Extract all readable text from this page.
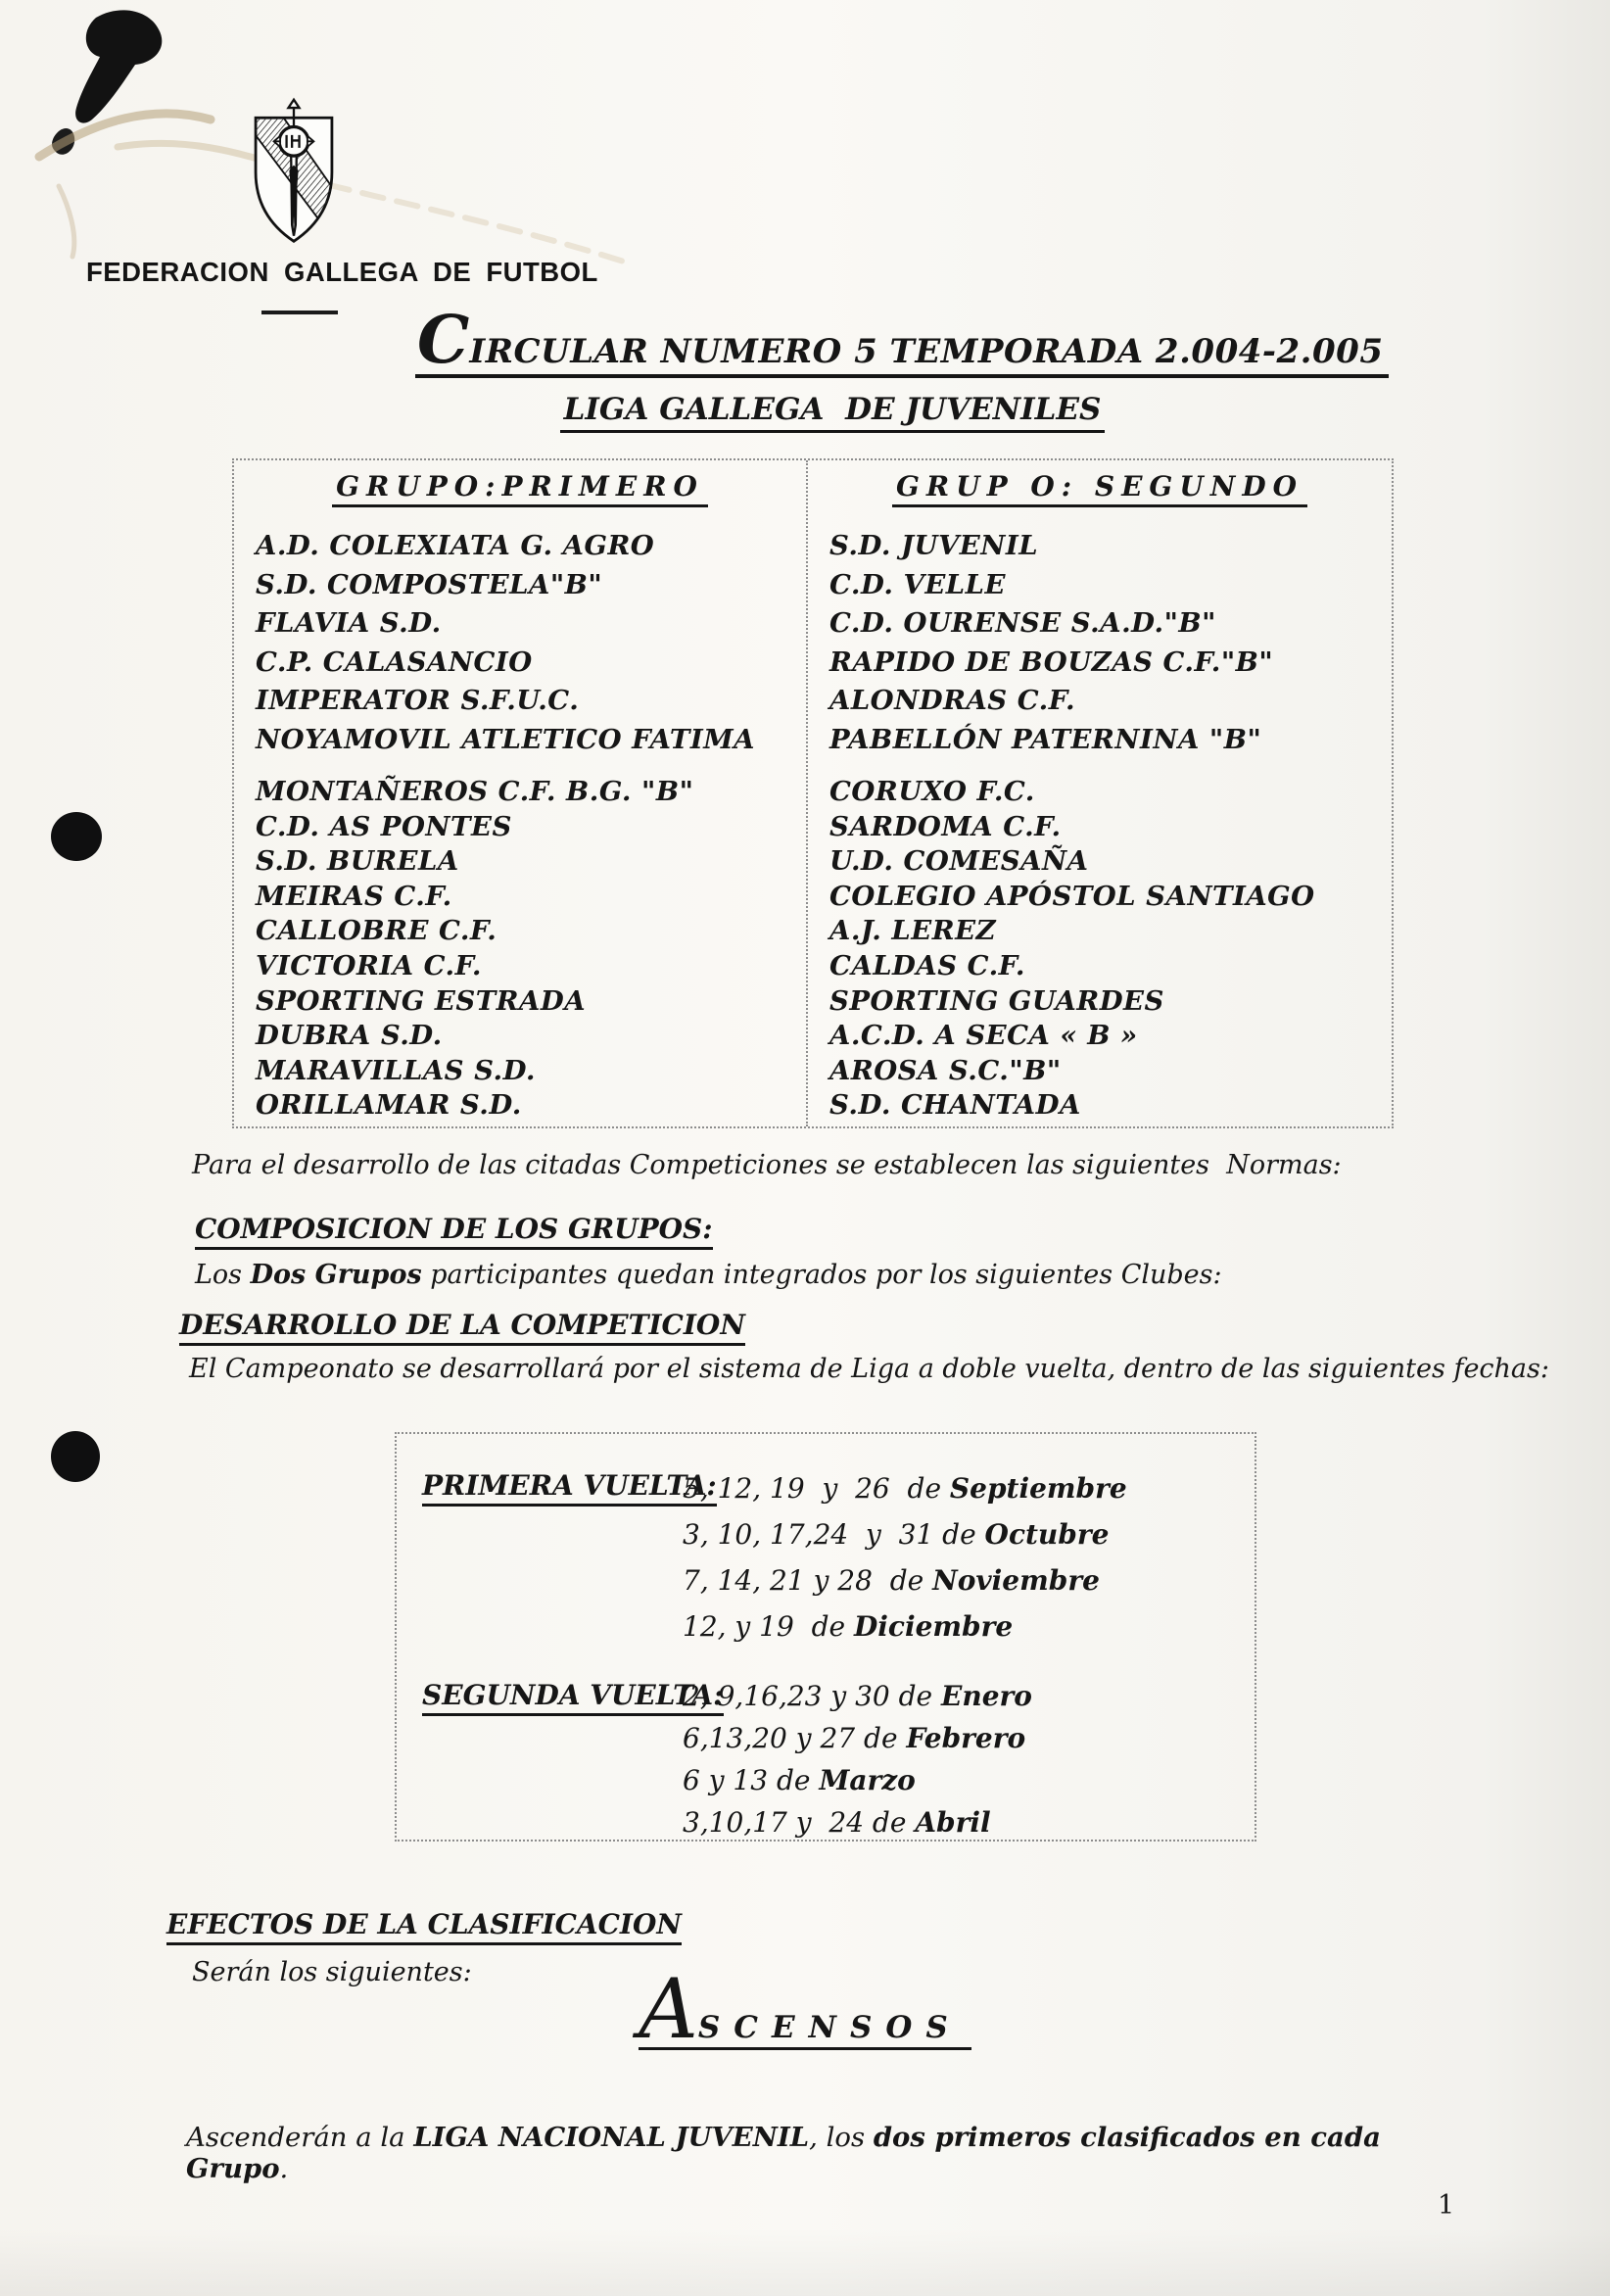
FEDERACION GALLEGA DE FUTBOL
C IRCULAR NUMERO 5 TEMPORADA 2.004-2.005
LIGA GALLEGA  DE JUVENILES
GRUPO:PRIMERO
A.D. COLEXIATA G. AGRO
S.D. COMPOSTELA"B"
FLAVIA S.D.
C.P. CALASANCIO
IMPERATOR S.F.U.C.
NOYAMOVIL ATLETICO FATIMA
MONTAÑEROS C.F. B.G. "B"
C.D. AS PONTES
S.D. BURELA
MEIRAS C.F.
CALLOBRE C.F.
VICTORIA C.F.
SPORTING ESTRADA
DUBRA S.D.
MARAVILLAS S.D.
ORILLAMAR S.D.
GRUP O: SEGUNDO
S.D. JUVENIL
C.D. VELLE
C.D. OURENSE S.A.D."B"
RAPIDO DE BOUZAS C.F."B"
ALONDRAS C.F.
PABELLÓN PATERNINA "B"
CORUXO F.C.
SARDOMA C.F.
U.D. COMESAÑA
COLEGIO APÓSTOL SANTIAGO
A.J. LEREZ
CALDAS C.F.
SPORTING GUARDES
A.C.D. A SECA « B »
AROSA S.C."B"
S.D. CHANTADA
Para el desarrollo de las citadas Competiciones se establecen las siguientes  Normas:
COMPOSICION DE LOS GRUPOS:
Los Dos Grupos participantes quedan integrados por los siguientes Clubes:
DESARROLLO DE LA COMPETICION
El Campeonato se desarrollará por el sistema de Liga a doble vuelta, dentro de las siguientes fechas:
PRIMERA VUELTA:
5, 12, 19  y  26  de Septiembre
3, 10, 17,24  y  31 de Octubre
7, 14, 21 y 28  de Noviembre
12, y 19  de Diciembre
SEGUNDA VUELTA:
2, 9,16,23 y 30 de Enero
6,13,20 y 27 de Febrero
6 y 13 de Marzo
3,10,17 y  24 de Abril
EFECTOS DE LA CLASIFICACION
Serán los siguientes:	ASCENSOS
Ascenderán a la LIGA NACIONAL JUVENIL, los dos primeros clasificados en cada Grupo.
1
